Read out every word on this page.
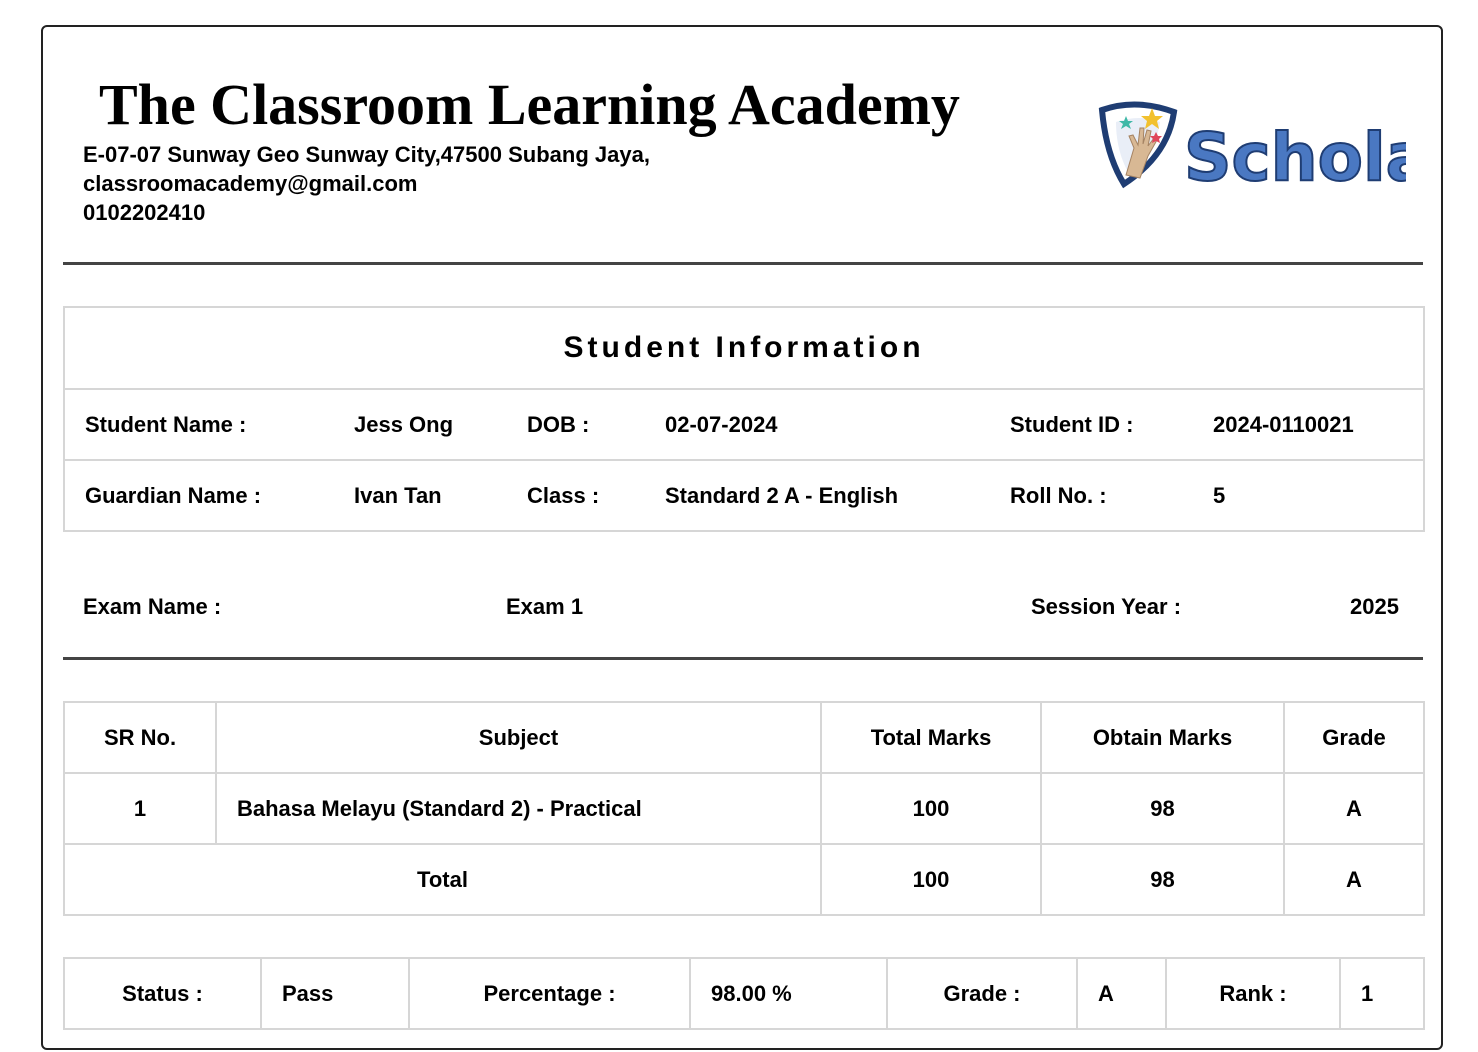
The Classroom Learning Academy
E-07-07 Sunway Geo Sunway City,47500 Subang Jaya,
classroomacademy@gmail.com
0102202410
Schola
Student Information					
Student Name :	Jess Ong	DOB :	02-07-2024	Student ID :	2024-0110021
Guardian Name :	Ivan Tan	Class :	Standard 2 A - English	Roll No. :	5
Exam Name :	Exam 1	Session Year :	2025
SR No.	Subject	Total Marks	Obtain Marks	Grade
1	Bahasa Melayu (Standard 2) - Practical	100	98	A
Total		100	98	A
Status :	Pass	Percentage :	98.00 %	Grade :	A	Rank :	1
